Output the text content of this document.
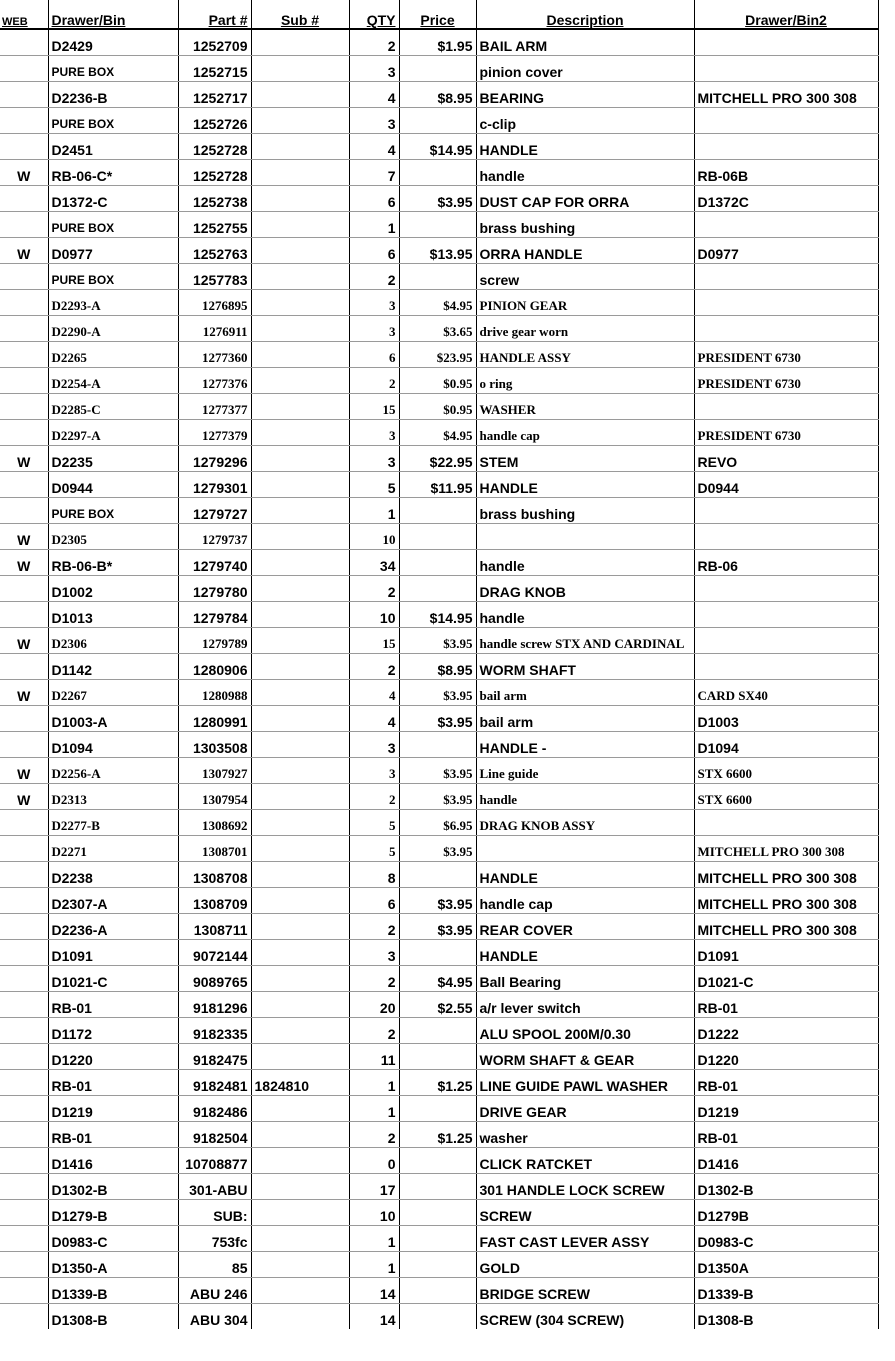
WEB	Drawer/Bin	Part #	Sub #	QTY	Price	Description	Drawer/Bin2
	D2429	1252709		2	$1.95	BAIL ARM	
	PURE BOX	1252715		3		pinion cover	
	D2236-B	1252717		4	$8.95	BEARING	MITCHELL PRO 300 308
	PURE BOX	1252726		3		c-clip	
	D2451	1252728		4	$14.95	HANDLE	
W	RB-06-C*	1252728		7		handle	RB-06B
	D1372-C	1252738		6	$3.95	DUST CAP FOR ORRA	D1372C
	PURE BOX	1252755		1		brass bushing	
W	D0977	1252763		6	$13.95	ORRA HANDLE	D0977
	PURE BOX	1257783		2		screw	
	D2293-A	1276895		3	$4.95	PINION GEAR	
	D2290-A	1276911		3	$3.65	drive gear worn	
	D2265	1277360		6	$23.95	HANDLE ASSY	PRESIDENT 6730
	D2254-A	1277376		2	$0.95	o ring	PRESIDENT 6730
	D2285-C	1277377		15	$0.95	WASHER	
	D2297-A	1277379		3	$4.95	handle cap	PRESIDENT 6730
W	D2235	1279296		3	$22.95	STEM	REVO
	D0944	1279301		5	$11.95	HANDLE	D0944
	PURE BOX	1279727		1		brass bushing	
W	D2305	1279737		10			
W	RB-06-B*	1279740		34		handle	RB-06
	D1002	1279780		2		DRAG KNOB	
	D1013	1279784		10	$14.95	handle	
W	D2306	1279789		15	$3.95	handle screw STX AND CARDINAL	
	D1142	1280906		2	$8.95	WORM SHAFT	
W	D2267	1280988		4	$3.95	bail arm	CARD SX40
	D1003-A	1280991		4	$3.95	bail arm	D1003
	D1094	1303508		3		HANDLE -	D1094
W	D2256-A	1307927		3	$3.95	Line guide	STX 6600
W	D2313	1307954		2	$3.95	handle	STX 6600
	D2277-B	1308692		5	$6.95	DRAG KNOB ASSY	
	D2271	1308701		5	$3.95		MITCHELL PRO 300 308
	D2238	1308708		8		HANDLE	MITCHELL PRO 300 308
	D2307-A	1308709		6	$3.95	handle cap	MITCHELL PRO 300 308
	D2236-A	1308711		2	$3.95	REAR COVER	MITCHELL PRO 300 308
	D1091	9072144		3		HANDLE	D1091
	D1021-C	9089765		2	$4.95	Ball Bearing	D1021-C
	RB-01	9181296		20	$2.55	a/r lever switch	RB-01
	D1172	9182335		2		ALU SPOOL 200M/0.30	D1222
	D1220	9182475		11		WORM SHAFT & GEAR	D1220
	RB-01	9182481	1824810	1	$1.25	LINE GUIDE PAWL WASHER	RB-01
	D1219	9182486		1		DRIVE GEAR	D1219
	RB-01	9182504		2	$1.25	washer	RB-01
	D1416	10708877		0		CLICK RATCKET	D1416
	D1302-B	301-ABU		17		301 HANDLE LOCK SCREW	D1302-B
	D1279-B	SUB:		10		SCREW	D1279B
	D0983-C	753fc		1		FAST CAST LEVER ASSY	D0983-C
	D1350-A	85		1		GOLD	D1350A
	D1339-B	ABU 246		14		BRIDGE SCREW	D1339-B
	D1308-B	ABU 304		14		SCREW (304 SCREW)	D1308-B
